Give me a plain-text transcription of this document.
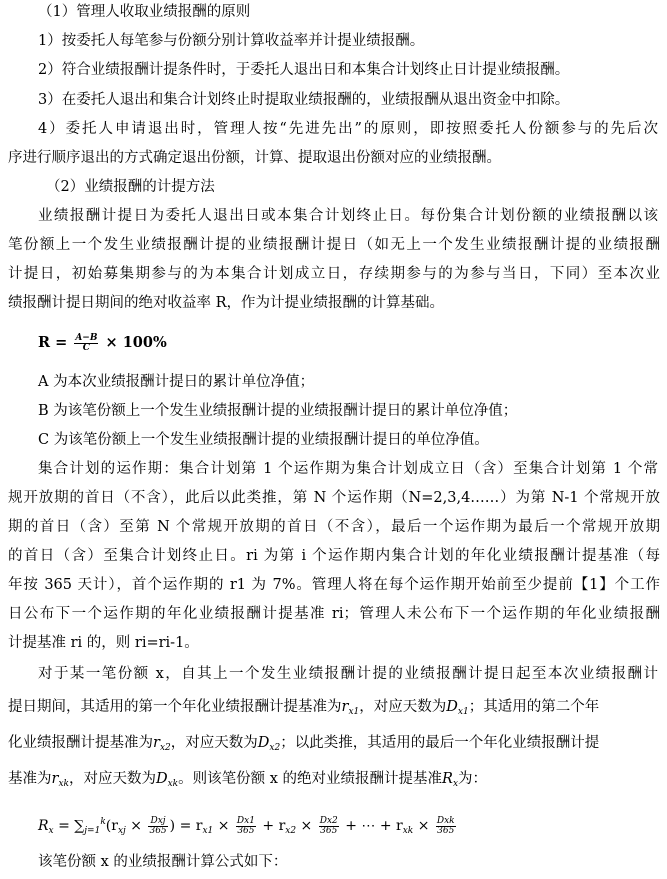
（1）管理人收取业绩报酬的原则
1）按委托人每笔参与份额分别计算收益率并计提业绩报酬。
2）符合业绩报酬计提条件时，于委托人退出日和本集合计划终止日计提业绩报酬。
3）在委托人退出和集合计划终止时提取业绩报酬的，业绩报酬从退出资金中扣除。
4）委托人申请退出时，管理人按“先进先出”的原则，即按照委托人份额参与的先后次
序进行顺序退出的方式确定退出份额，计算、提取退出份额对应的业绩报酬。
（2）业绩报酬的计提方法
业绩报酬计提日为委托人退出日或本集合计划终止日。每份集合计划份额的业绩报酬以该
笔份额上一个发生业绩报酬计提的业绩报酬计提日（如无上一个发生业绩报酬计提的业绩报酬
计提日，初始募集期参与的为本集合计划成立日，存续期参与的为参与当日，下同）至本次业
绩报酬计提日期间的绝对收益率 R，作为计提业绩报酬的计算基础。
$R = \frac{A-B}{C} \times 100\%$
A 为本次业绩报酬计提日的累计单位净值；
B 为该笔份额上一个发生业绩报酬计提的业绩报酬计提日的累计单位净值；
C 为该笔份额上一个发生业绩报酬计提的业绩报酬计提日的单位净值。
集合计划的运作期：集合计划第 1 个运作期为集合计划成立日（含）至集合计划第 1 个常
规开放期的首日（不含），此后以此类推，第 N 个运作期（N=2,3,4……）为第 N-1 个常规开放
期的首日（含）至第 N 个常规开放期的首日（不含），最后一个运作期为最后一个常规开放期
的首日（含）至集合计划终止日。ri 为第 i 个运作期内集合计划的年化业绩报酬计提基准（每
年按 365 天计），首个运作期的 r1 为 7%。管理人将在每个运作期开始前至少提前【1】个工作
日公布下一个运作期的年化业绩报酬计提基准 ri；管理人未公布下一个运作期的年化业绩报酬
计提基准 ri 的，则 ri=ri-1。
对于某一笔份额 x，自其上一个发生业绩报酬计提的业绩报酬计提日起至本次业绩报酬计
提日期间，其适用的第一个年化业绩报酬计提基准为$r_{x1}$，对应天数为$D_{x1}$；其适用的第二个年
化业绩报酬计提基准为$r_{x2}$，对应天数为$D_{x2}$；以此类推，其适用的最后一个年化业绩报酬计提
基准为$r_{xk}$，对应天数为$D_{xk}$。则该笔份额 x 的绝对业绩报酬计提基准$R_x$为：
$R_x = \sum_{j=1}^k(r_{xj} \times \frac{\text{Dxj}}{365}$ ) = $r_{x1} \times \frac{Dx1}{365} + r_{x2} \times \frac{Dx2}{365}$ + ⋯ + $r_{xk} \times \frac{\text{Dxk}}{365}$
该笔份额 x 的业绩报酬计算公式如下：
